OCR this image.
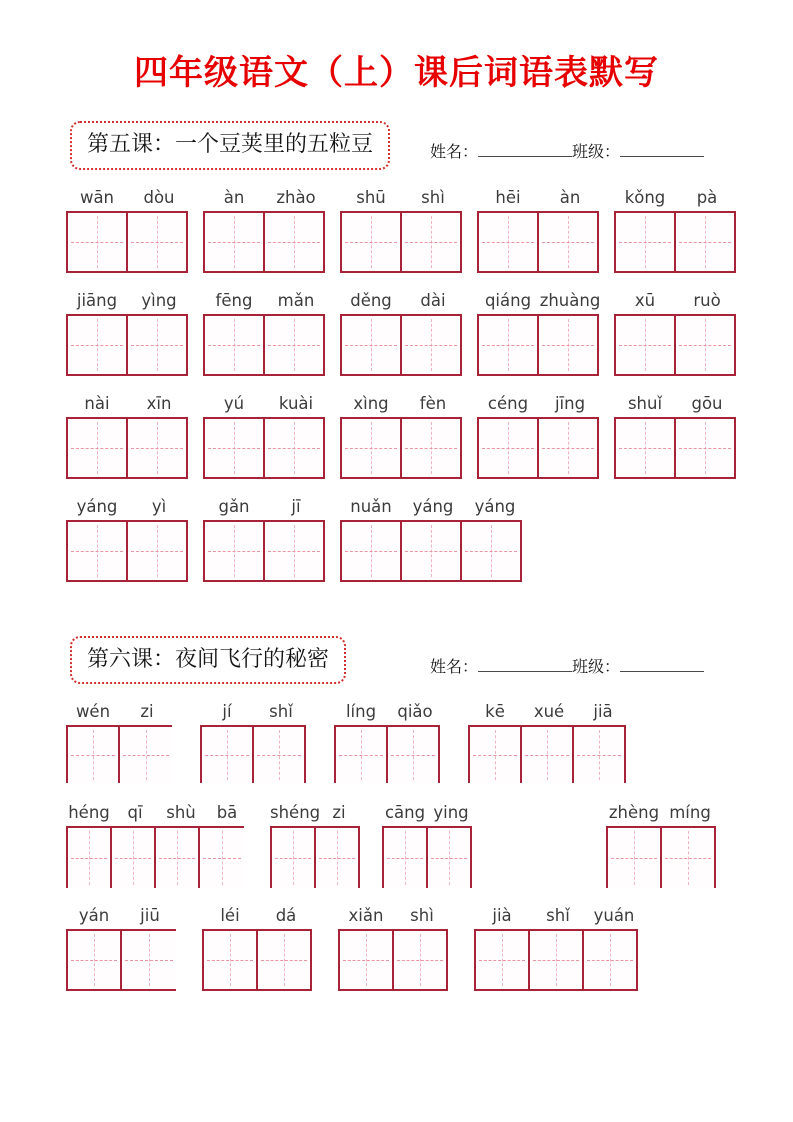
四年级语文（上）课后词语表默写
第五课：一个豆荚里的五粒豆	姓名：	班级：
wān	dòu	àn	zhào	shū	shì	hēi	àn	kǒng	pà
jiāng	yìng	fēng	mǎn	děng	dài	qiáng zhuàng	xū	ruò
nài	xīn	yú	kuài	xìng	fèn	céng	jīng	shuǐ	gōu
yáng	yì	gǎn	jī	nuǎn	yáng	yáng
第六课：夜间飞行的秘密	姓名：	班级：
wén	zi	jí	shǐ	líng	qiǎo	kē	xué	jiā
héng	qī	shù	bā	shéng zi	cāng ying	zhèng míng
yán	jiū	léi	dá	xiǎn	shì	jià	shǐ	yuán
